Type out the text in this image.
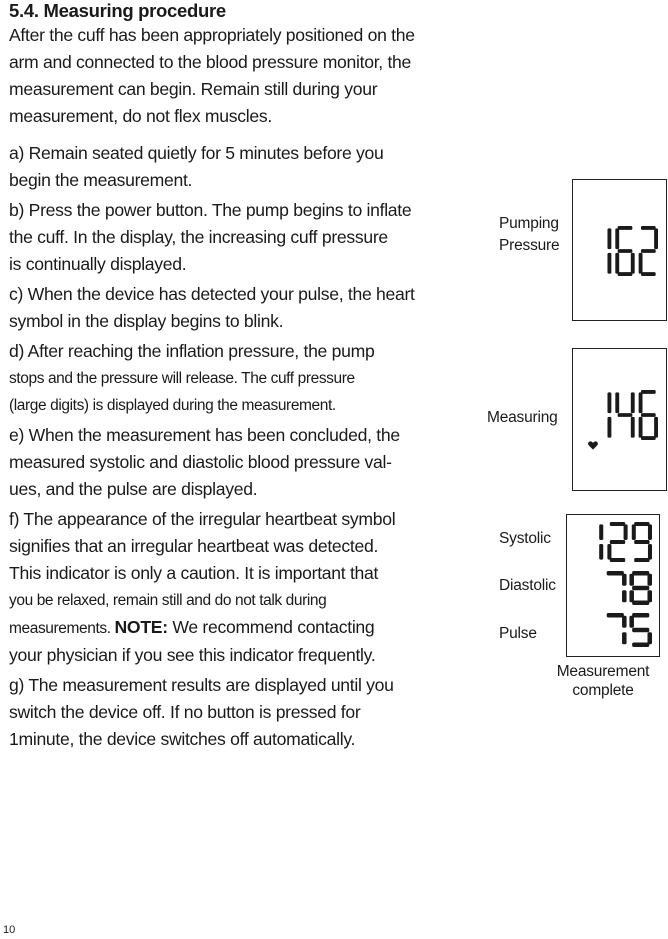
5.4. Measuring procedure
After the cuff has been appropriately positioned on the
arm and connected to the blood pressure monitor, the
measurement can begin. Remain still during your
measurement, do not flex muscles.
a) Remain seated quietly for 5 minutes before you
begin the measurement.
b) Press the power button. The pump begins to inflate
the cuff. In the display, the increasing cuff pressure
is continually displayed.
c) When the device has detected your pulse, the heart
symbol in the display begins to blink.
d) After reaching the inflation pressure, the pump
stops and the pressure will release. The cuff pressure
(large digits) is displayed during the measurement.
e) When the measurement has been concluded, the
measured systolic and diastolic blood pressure val-
ues, and the pulse are displayed.
f) The appearance of the irregular heartbeat symbol
signifies that an irregular heartbeat was detected.
This indicator is only a caution. It is important that
you be relaxed, remain still and do not talk during
measurements. NOTE: We recommend contacting
your physician if you see this indicator frequently.
g) The measurement results are displayed until you
switch the device off. If no button is pressed for
1minute, the device switches off automatically.
10
Pumping
Pressure
Measuring
Systolic
Diastolic
Pulse
Measurement
complete
